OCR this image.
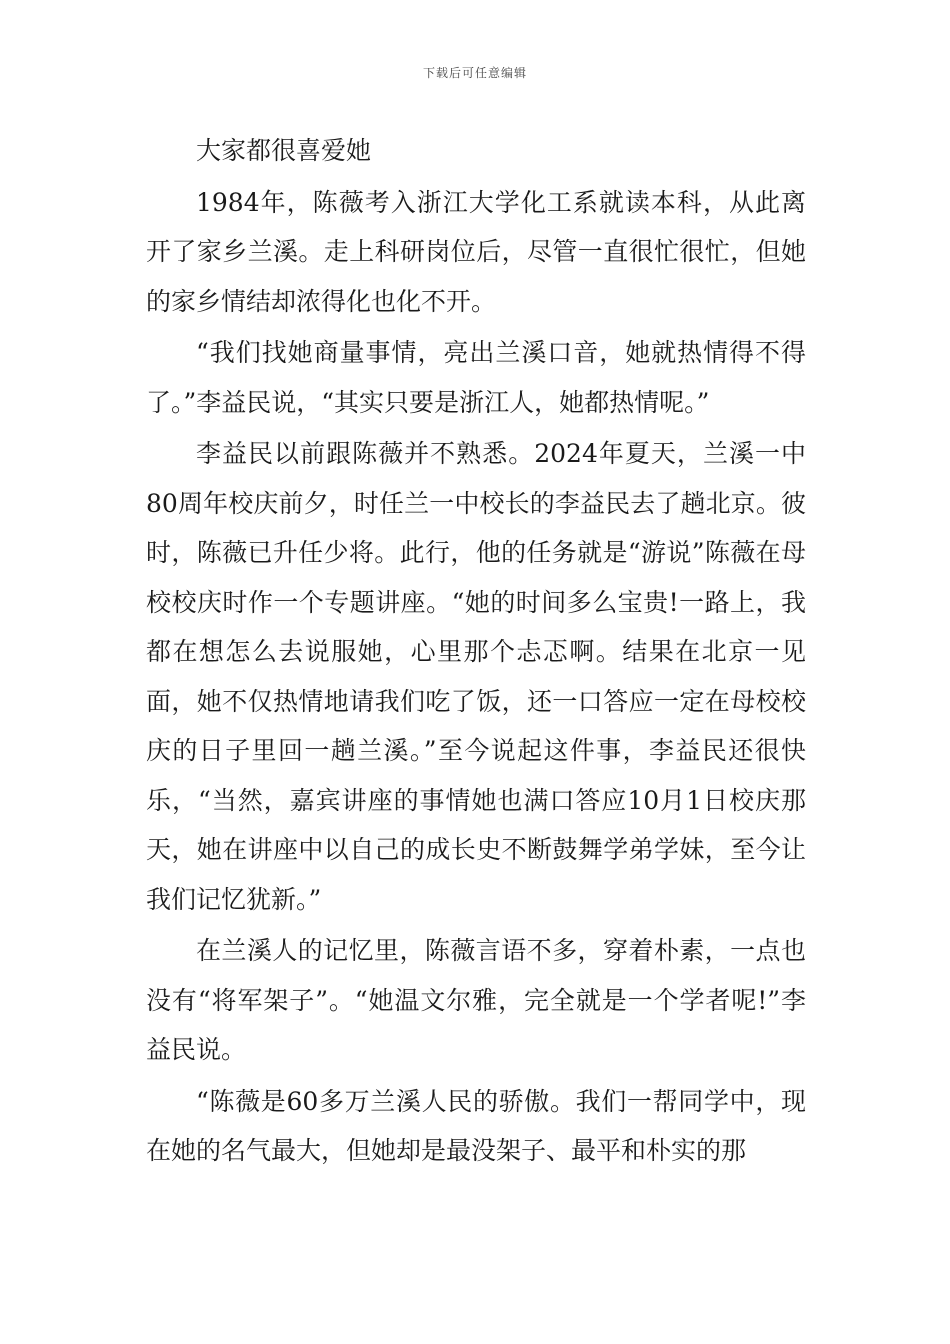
下载后可任意编辑

大家都很喜爱她

1984年，陈薇考入浙江大学化工系就读本科，从此离开了家乡兰溪。走上科研岗位后，尽管一直很忙很忙，但她的家乡情结却浓得化也化不开。

“我们找她商量事情，亮出兰溪口音，她就热情得不得了。”李益民说，“其实只要是浙江人，她都热情呢。”

李益民以前跟陈薇并不熟悉。2024年夏天，兰溪一中80周年校庆前夕，时任兰一中校长的李益民去了趟北京。彼时，陈薇已升任少将。此行，他的任务就是“游说”陈薇在母校校庆时作一个专题讲座。“她的时间多么宝贵!一路上，我都在想怎么去说服她，心里那个忐忑啊。结果在北京一见面，她不仅热情地请我们吃了饭，还一口答应一定在母校校庆的日子里回一趟兰溪。”至今说起这件事，李益民还很快乐，“当然，嘉宾讲座的事情她也满口答应10月1日校庆那天，她在讲座中以自己的成长史不断鼓舞学弟学妹，至今让我们记忆犹新。”

在兰溪人的记忆里，陈薇言语不多，穿着朴素，一点也没有“将军架子”。“她温文尔雅，完全就是一个学者呢!”李益民说。

“陈薇是60多万兰溪人民的骄傲。我们一帮同学中，现在她的名气最大，但她却是最没架子、最平和朴实的那
